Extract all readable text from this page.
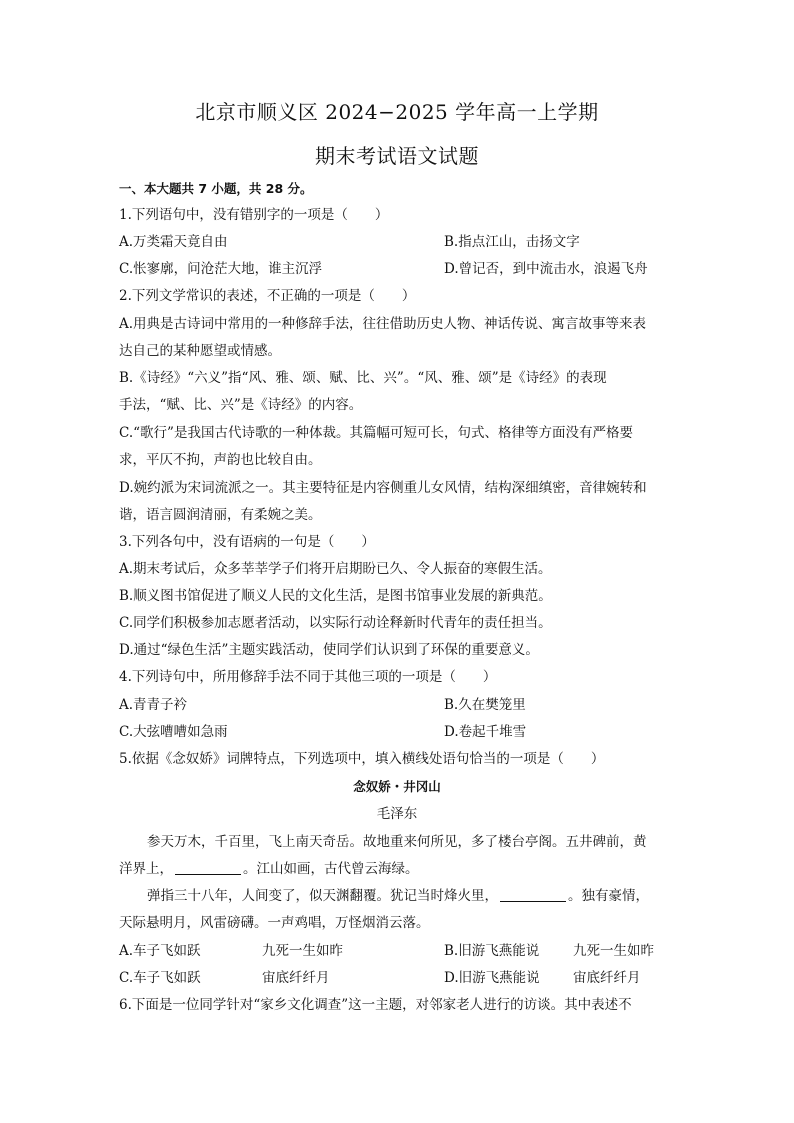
北京市顺义区 2024−2025 学年高一上学期
期末考试语文试题
一、本大题共 7 小题，共 28 分。
1.下列语句中，没有错别字的一项是（　　）
A.万类霜天竟自由	B.指点江山，击扬文字
C.怅寥廓，问沧茫大地，谁主沉浮	D.曾记否，到中流击水，浪遏飞舟
2.下列文学常识的表述，不正确的一项是（　　）
A.用典是古诗词中常用的一种修辞手法，往往借助历史人物、神话传说、寓言故事等来表
达自己的某种愿望或情感。
B.《诗经》“六义”指“风、雅、颂、赋、比、兴”。“风、雅、颂”是《诗经》的表现
手法，“赋、比、兴”是《诗经》的内容。
C.“歌行”是我国古代诗歌的一种体裁。其篇幅可短可长，句式、格律等方面没有严格要
求，平仄不拘，声韵也比较自由。
D.婉约派为宋词流派之一。其主要特征是内容侧重儿女风情，结构深细缜密，音律婉转和
谐，语言圆润清丽，有柔婉之美。
3.下列各句中，没有语病的一句是（　　）
A.期末考试后，众多莘莘学子们将开启期盼已久、令人振奋的寒假生活。
B.顺义图书馆促进了顺义人民的文化生活，是图书馆事业发展的新典范。
C.同学们积极参加志愿者活动，以实际行动诠释新时代青年的责任担当。
D.通过“绿色生活”主题实践活动，使同学们认识到了环保的重要意义。
4.下列诗句中，所用修辞手法不同于其他三项的一项是（　　）
A.青青子衿	B.久在樊笼里
C.大弦嘈嘈如急雨	D.卷起千堆雪
5.依据《念奴娇》词牌特点，下列选项中，填入横线处语句恰当的一项是（　　）
念奴娇・井冈山
毛泽东
参天万木，千百里，飞上南天奇岳。故地重来何所见，多了楼台亭阁。五井碑前，黄
洋界上，	。江山如画，古代曾云海绿。
弹指三十八年，人间变了，似天渊翻覆。犹记当时烽火里，	。独有豪情，
天际悬明月，风雷磅礴。一声鸡唱，万怪烟消云落。
A.车子飞如跃	九死一生如昨	B.旧游飞燕能说	九死一生如昨
C.车子飞如跃	宙底纤纤月	D.旧游飞燕能说 宙底纤纤月
6.下面是一位同学针对“家乡文化调查”这一主题，对邻家老人进行的访谈。其中表述不
